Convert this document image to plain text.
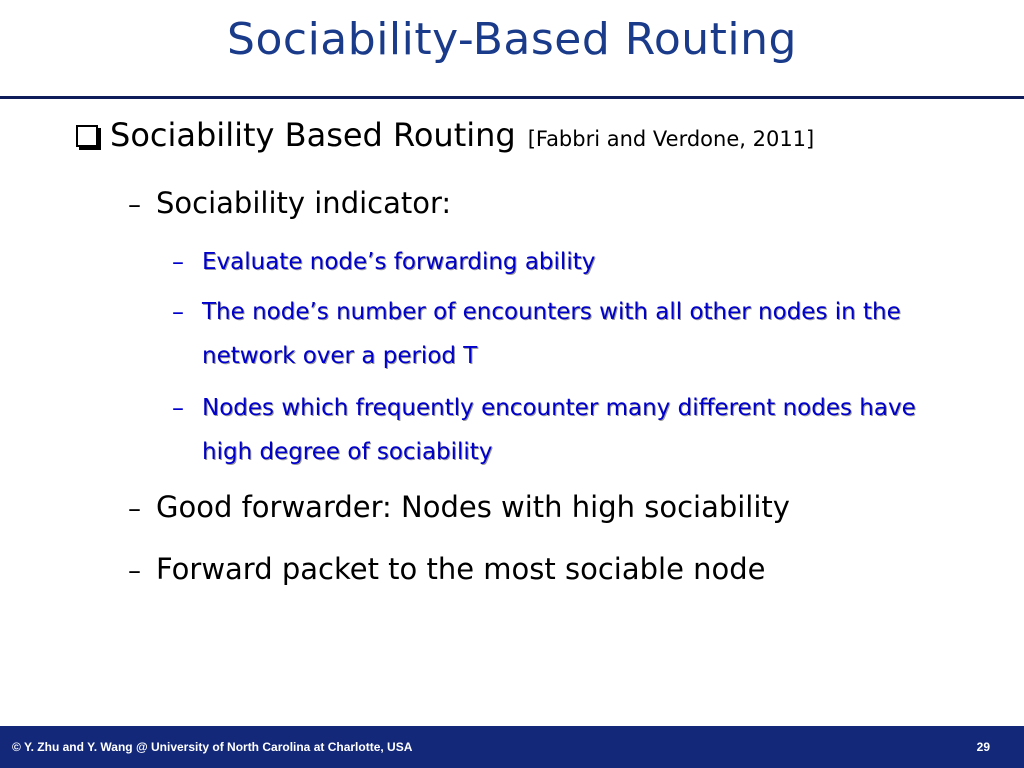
Sociability-Based Routing
Sociability Based Routing [Fabbri and Verdone, 2011]
– Sociability indicator:
– Evaluate node’s forwarding ability
– The node’s number of encounters with all other nodes in the network over a period T
– Nodes which frequently encounter many different nodes have high degree of sociability
– Good forwarder: Nodes with high sociability
– Forward packet to the most sociable node
© Y. Zhu and Y. Wang @ University of North Carolina at Charlotte, USA	29
